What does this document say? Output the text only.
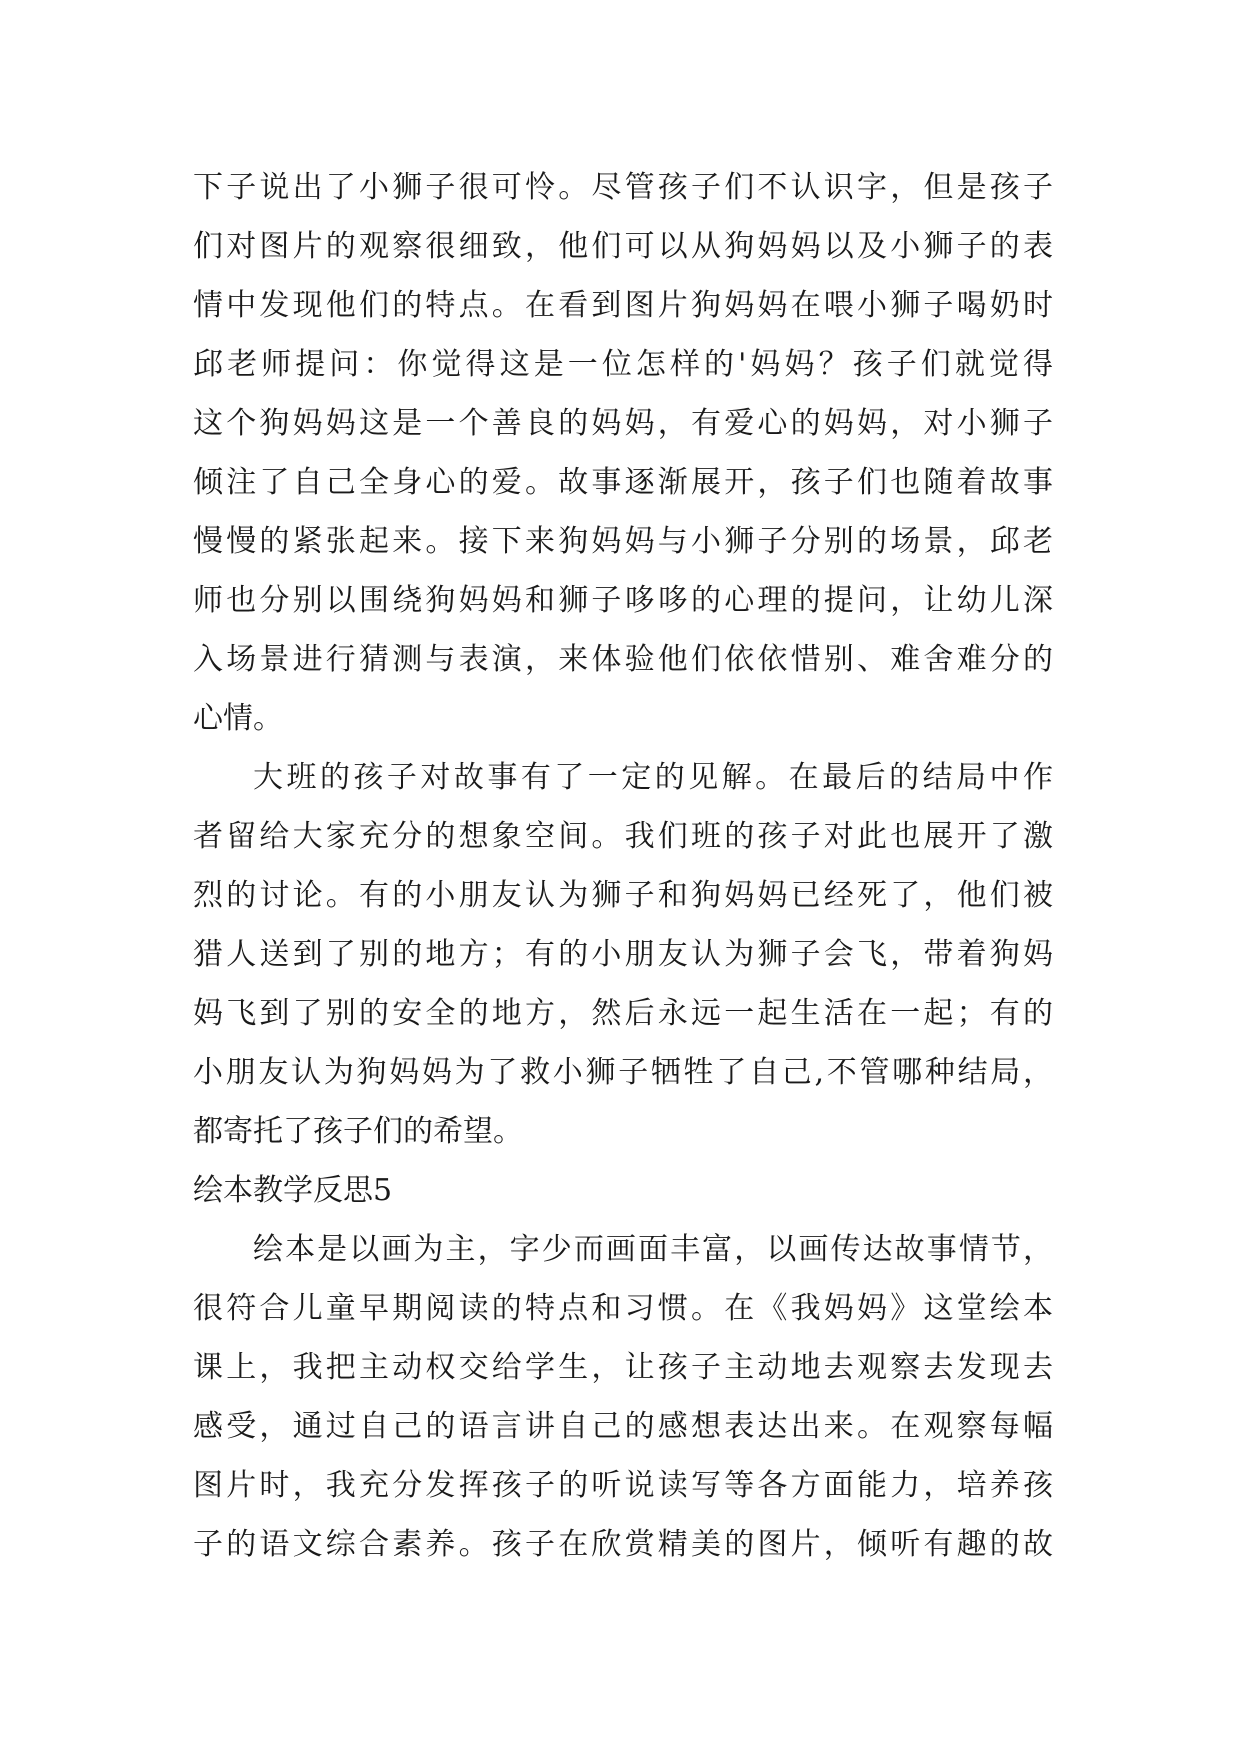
下子说出了小狮子很可怜。尽管孩子们不认识字，但是孩子
们对图片的观察很细致，他们可以从狗妈妈以及小狮子的表
情中发现他们的特点。在看到图片狗妈妈在喂小狮子喝奶时
邱老师提问：你觉得这是一位怎样的'妈妈？孩子们就觉得
这个狗妈妈这是一个善良的妈妈，有爱心的妈妈，对小狮子
倾注了自己全身心的爱。故事逐渐展开，孩子们也随着故事
慢慢的紧张起来。接下来狗妈妈与小狮子分别的场景，邱老
师也分别以围绕狗妈妈和狮子哆哆的心理的提问，让幼儿深
入场景进行猜测与表演，来体验他们依依惜别、难舍难分的
心情。
大班的孩子对故事有了一定的见解。在最后的结局中作
者留给大家充分的想象空间。我们班的孩子对此也展开了激
烈的讨论。有的小朋友认为狮子和狗妈妈已经死了，他们被
猎人送到了别的地方；有的小朋友认为狮子会飞，带着狗妈
妈飞到了别的安全的地方，然后永远一起生活在一起；有的
小朋友认为狗妈妈为了救小狮子牺牲了自己,不管哪种结局，
都寄托了孩子们的希望。
绘本教学反思5
绘本是以画为主，字少而画面丰富，以画传达故事情节，
很符合儿童早期阅读的特点和习惯。在《我妈妈》这堂绘本
课上，我把主动权交给学生，让孩子主动地去观察去发现去
感受，通过自己的语言讲自己的感想表达出来。在观察每幅
图片时，我充分发挥孩子的听说读写等各方面能力，培养孩
子的语文综合素养。孩子在欣赏精美的图片，倾听有趣的故
